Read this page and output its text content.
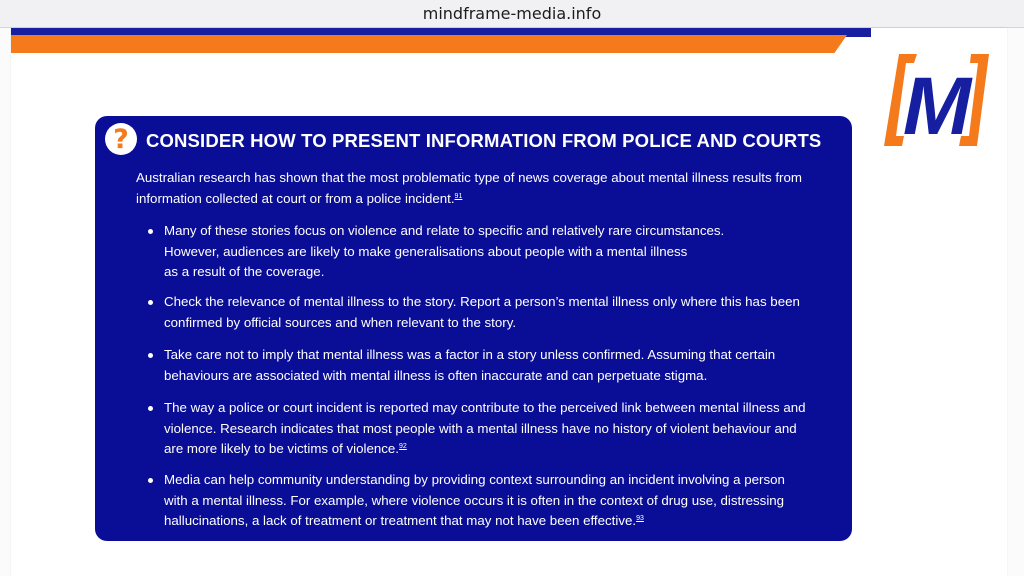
mindframe-media.info
M
? CONSIDER HOW TO PRESENT INFORMATION FROM POLICE AND COURTS
Australian research has shown that the most problematic type of news coverage about mental illness results from
information collected at court or from a police incident.$^{91}$
Many of these stories focus on violence and relate to specific and relatively rare circumstances.
However, audiences are likely to make generalisations about people with a mental illness
as a result of the coverage.
Check the relevance of mental illness to the story. Report a person’s mental illness only where this has been
confirmed by official sources and when relevant to the story.
Take care not to imply that mental illness was a factor in a story unless confirmed. Assuming that certain
behaviours are associated with mental illness is often inaccurate and can perpetuate stigma.
The way a police or court incident is reported may contribute to the perceived link between mental illness and
violence. Research indicates that most people with a mental illness have no history of violent behaviour and
are more likely to be victims of violence.$^{92}$
Media can help community understanding by providing context surrounding an incident involving a person
with a mental illness. For example, where violence occurs it is often in the context of drug use, distressing
hallucinations, a lack of treatment or treatment that may not have been effective.$^{93}$
